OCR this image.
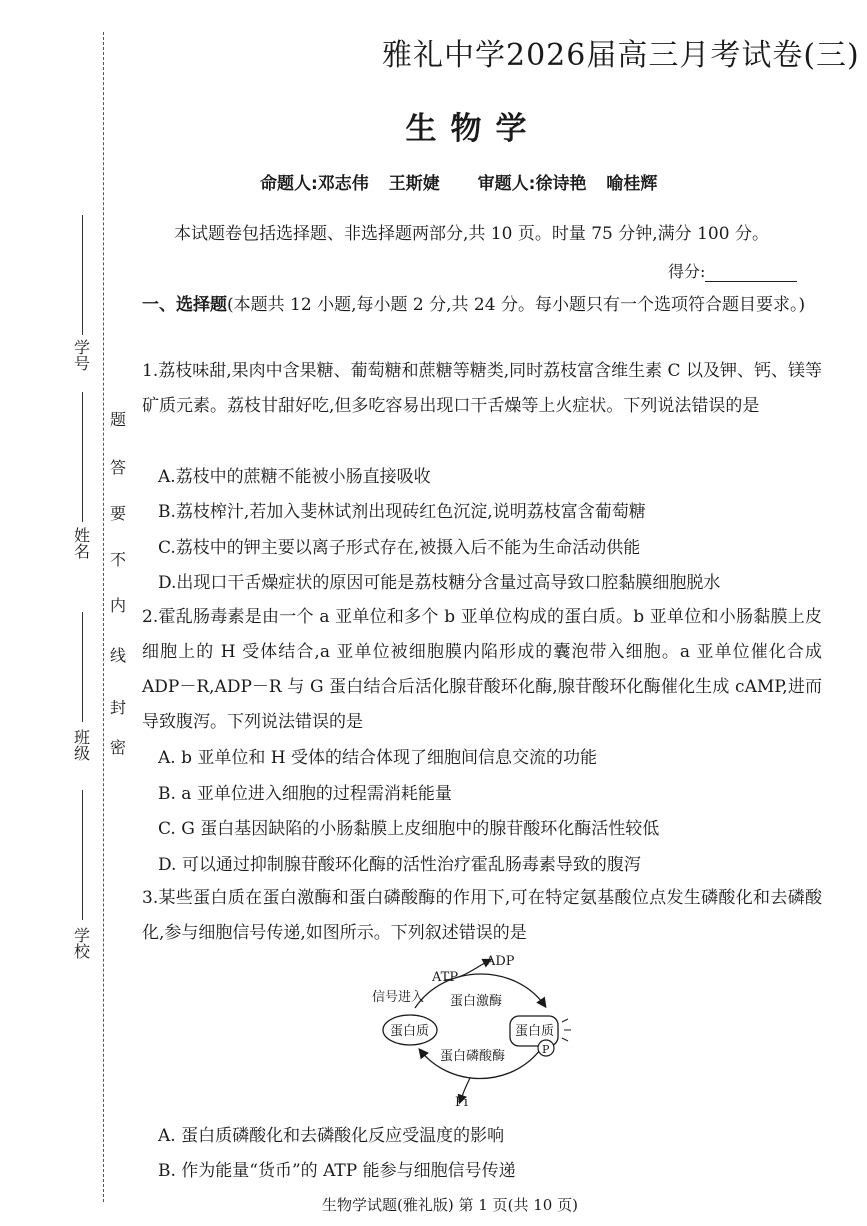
学 号
姓 名
班 级
学 校
题
答
要
不
内
线
封
密

雅礼中学2026届高三月考试卷(三)
生物学
命题人:邓志伟 王斯婕 审题人:徐诗艳 喻桂辉
本试题卷包括选择题、非选择题两部分,共 10 页。时量 75 分钟,满分 100 分。
得分:
一、选择题(本题共 12 小题,每小题 2 分,共 24 分。每小题只有一个选项符合题目要求。)
1.荔枝味甜,果肉中含果糖、葡萄糖和蔗糖等糖类,同时荔枝富含维生素 C 以及钾、钙、镁等矿质元素。荔枝甘甜好吃,但多吃容易出现口干舌燥等上火症状。下列说法错误的是
A.荔枝中的蔗糖不能被小肠直接吸收
B.荔枝榨汁,若加入斐林试剂出现砖红色沉淀,说明荔枝富含葡萄糖
C.荔枝中的钾主要以离子形式存在,被摄入后不能为生命活动供能
D.出现口干舌燥症状的原因可能是荔枝糖分含量过高导致口腔黏膜细胞脱水
2.霍乱肠毒素是由一个 a 亚单位和多个 b 亚单位构成的蛋白质。b 亚单位和小肠黏膜上皮细胞上的 H 受体结合,a 亚单位被细胞膜内陷形成的囊泡带入细胞。a 亚单位催化合成 ADP－R,ADP－R 与 G 蛋白结合后活化腺苷酸环化酶,腺苷酸环化酶催化生成 cAMP,进而导致腹泻。下列说法错误的是
A. b 亚单位和 H 受体的结合体现了细胞间信息交流的功能
B. a 亚单位进入细胞的过程需消耗能量
C. G 蛋白基因缺陷的小肠黏膜上皮细胞中的腺苷酸环化酶活性较低
D. 可以通过抑制腺苷酸环化酶的活性治疗霍乱肠毒素导致的腹泻
3.某些蛋白质在蛋白激酶和蛋白磷酸酶的作用下,可在特定氨基酸位点发生磷酸化和去磷酸化,参与细胞信号传递,如图所示。下列叙述错误的是
ATP
ADP
信号进入 蛋白激酶
蛋白质	蛋白质
P
蛋白磷酸酶
Pi
A. 蛋白质磷酸化和去磷酸化反应受温度的影响
B. 作为能量“货币”的 ATP 能参与细胞信号传递
生物学试题(雅礼版) 第 1 页(共 10 页)
